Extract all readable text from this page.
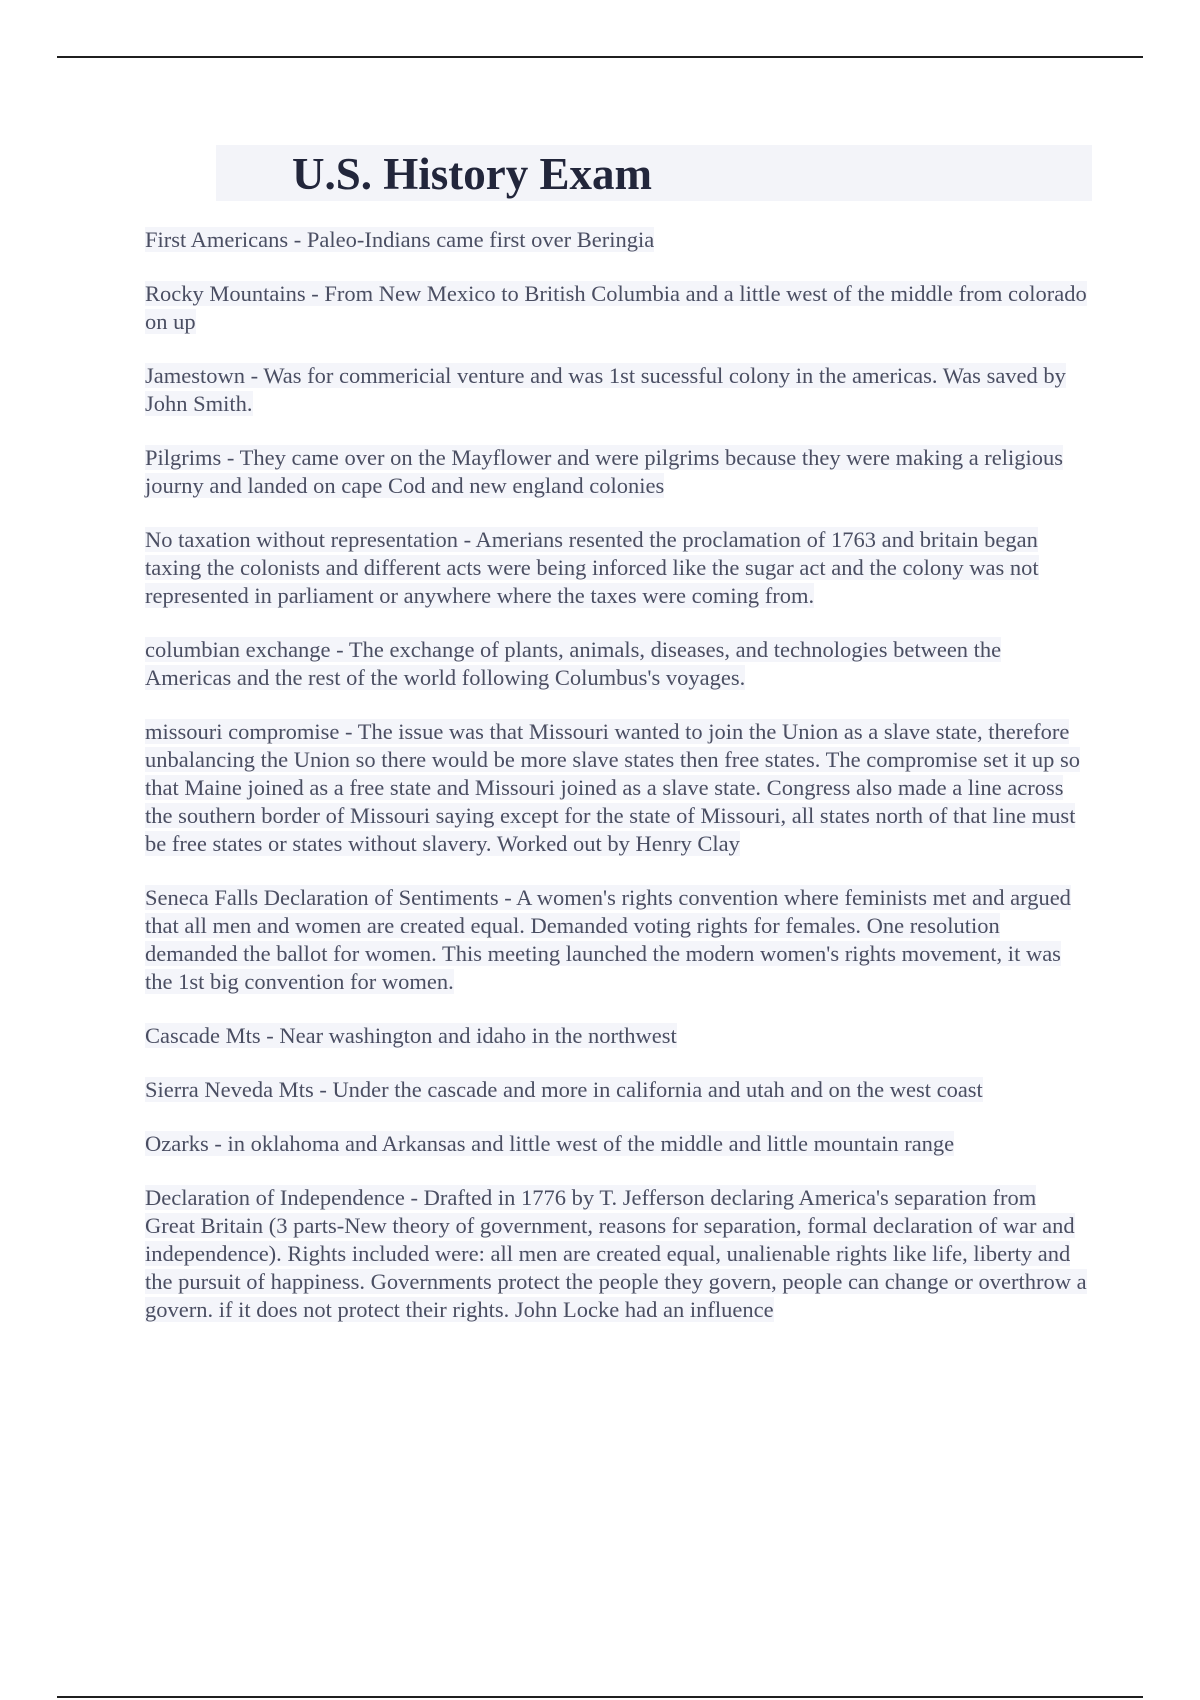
U.S. History Exam
First Americans - Paleo-Indians came first over Beringia
Rocky Mountains - From New Mexico to British Columbia and a little west of the middle from colorado on up
Jamestown - Was for commericial venture and was 1st sucessful colony in the americas. Was saved by John Smith.
Pilgrims - They came over on the Mayflower and were pilgrims because they were making a religious journy and landed on cape Cod and new england colonies
No taxation without representation - Amerians resented the proclamation of 1763 and britain began taxing the colonists and different acts were being inforced like the sugar act and the colony was not represented in parliament or anywhere where the taxes were coming from.
columbian exchange - The exchange of plants, animals, diseases, and technologies between the Americas and the rest of the world following Columbus's voyages.
missouri compromise - The issue was that Missouri wanted to join the Union as a slave state, therefore unbalancing the Union so there would be more slave states then free states. The compromise set it up so that Maine joined as a free state and Missouri joined as a slave state. Congress also made a line across the southern border of Missouri saying except for the state of Missouri, all states north of that line must be free states or states without slavery. Worked out by Henry Clay
Seneca Falls Declaration of Sentiments - A women's rights convention where feminists met and argued that all men and women are created equal. Demanded voting rights for females. One resolution demanded the ballot for women. This meeting launched the modern women's rights movement, it was the 1st big convention for women.
Cascade Mts - Near washington and idaho in the northwest
Sierra Neveda Mts - Under the cascade and more in california and utah and on the west coast
Ozarks - in oklahoma and Arkansas and little west of the middle and little mountain range
Declaration of Independence - Drafted in 1776 by T. Jefferson declaring America's separation from Great Britain (3 parts-New theory of government, reasons for separation, formal declaration of war and independence). Rights included were: all men are created equal, unalienable rights like life, liberty and the pursuit of happiness. Governments protect the people they govern, people can change or overthrow a govern. if it does not protect their rights. John Locke had an influence
